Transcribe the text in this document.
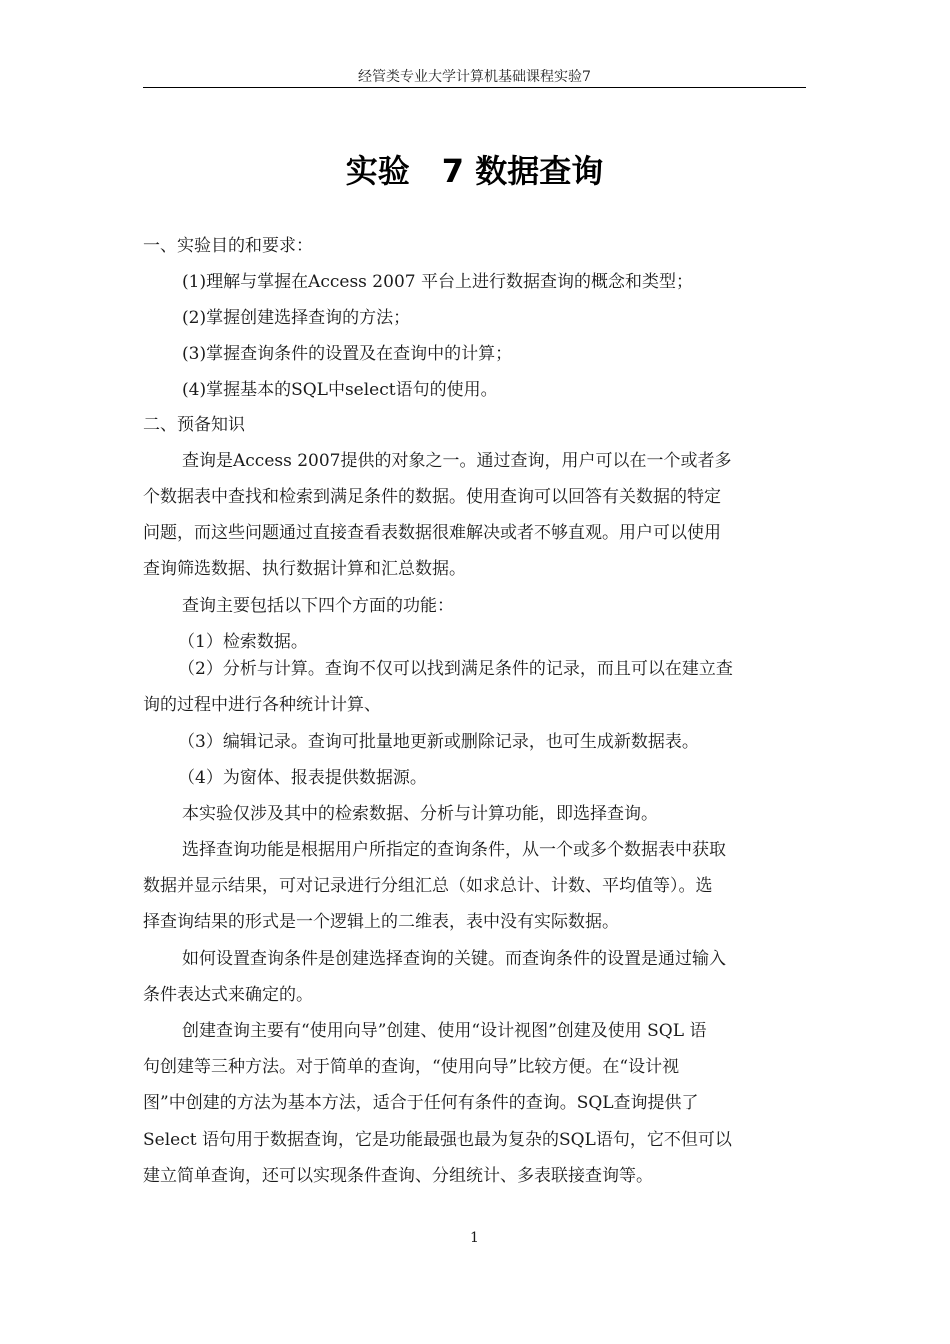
经管类专业大学计算机基础课程实验7
实验　7 数据查询
一、实验目的和要求：
(1)理解与掌握在Access 2007 平台上进行数据查询的概念和类型；
(2)掌握创建选择查询的方法；
(3)掌握查询条件的设置及在查询中的计算；
(4)掌握基本的SQL中select语句的使用。
二、预备知识
查询是Access 2007提供的对象之一。通过查询，用户可以在一个或者多
个数据表中查找和检索到满足条件的数据。使用查询可以回答有关数据的特定
问题，而这些问题通过直接查看表数据很难解决或者不够直观。用户可以使用
查询筛选数据、执行数据计算和汇总数据。
查询主要包括以下四个方面的功能：
（1）检索数据。
（2）分析与计算。查询不仅可以找到满足条件的记录，而且可以在建立查
询的过程中进行各种统计计算、
（3）编辑记录。查询可批量地更新或删除记录，也可生成新数据表。
（4）为窗体、报表提供数据源。
本实验仅涉及其中的检索数据、分析与计算功能，即选择查询。
选择查询功能是根据用户所指定的查询条件，从一个或多个数据表中获取
数据并显示结果，可对记录进行分组汇总（如求总计、计数、平均值等）。选
择查询结果的形式是一个逻辑上的二维表，表中没有实际数据。
如何设置查询条件是创建选择查询的关键。而查询条件的设置是通过输入
条件表达式来确定的。
创建查询主要有“使用向导”创建、使用“设计视图”创建及使用 SQL 语
句创建等三种方法。对于简单的查询，“使用向导”比较方便。在“设计视
图”中创建的方法为基本方法，适合于任何有条件的查询。SQL查询提供了
Select 语句用于数据查询，它是功能最强也最为复杂的SQL语句，它不但可以
建立简单查询，还可以实现条件查询、分组统计、多表联接查询等。
1
